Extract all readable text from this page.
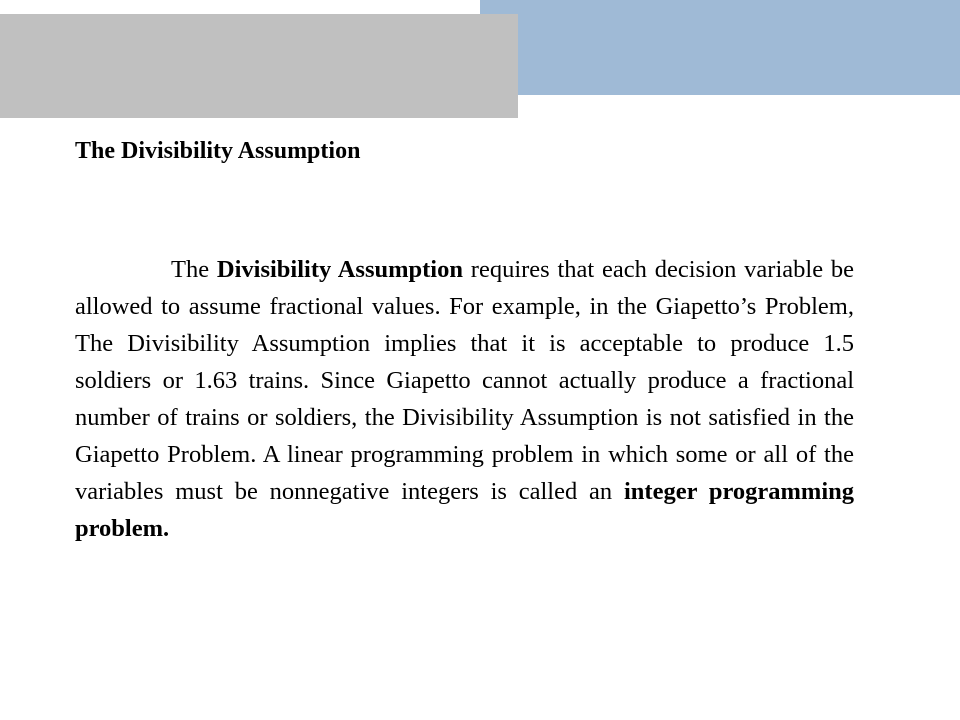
The Divisibility Assumption

The Divisibility Assumption requires that each decision variable be allowed to assume fractional values. For example, in the Giapetto’s Problem, The Divisibility Assumption implies that it is acceptable to produce 1.5 soldiers or 1.63 trains. Since Giapetto cannot actually produce a fractional number of trains or soldiers, the Divisibility Assumption is not satisfied in the Giapetto Problem. A linear programming problem in which some or all of the variables must be nonnegative integers is called an integer programming problem.
